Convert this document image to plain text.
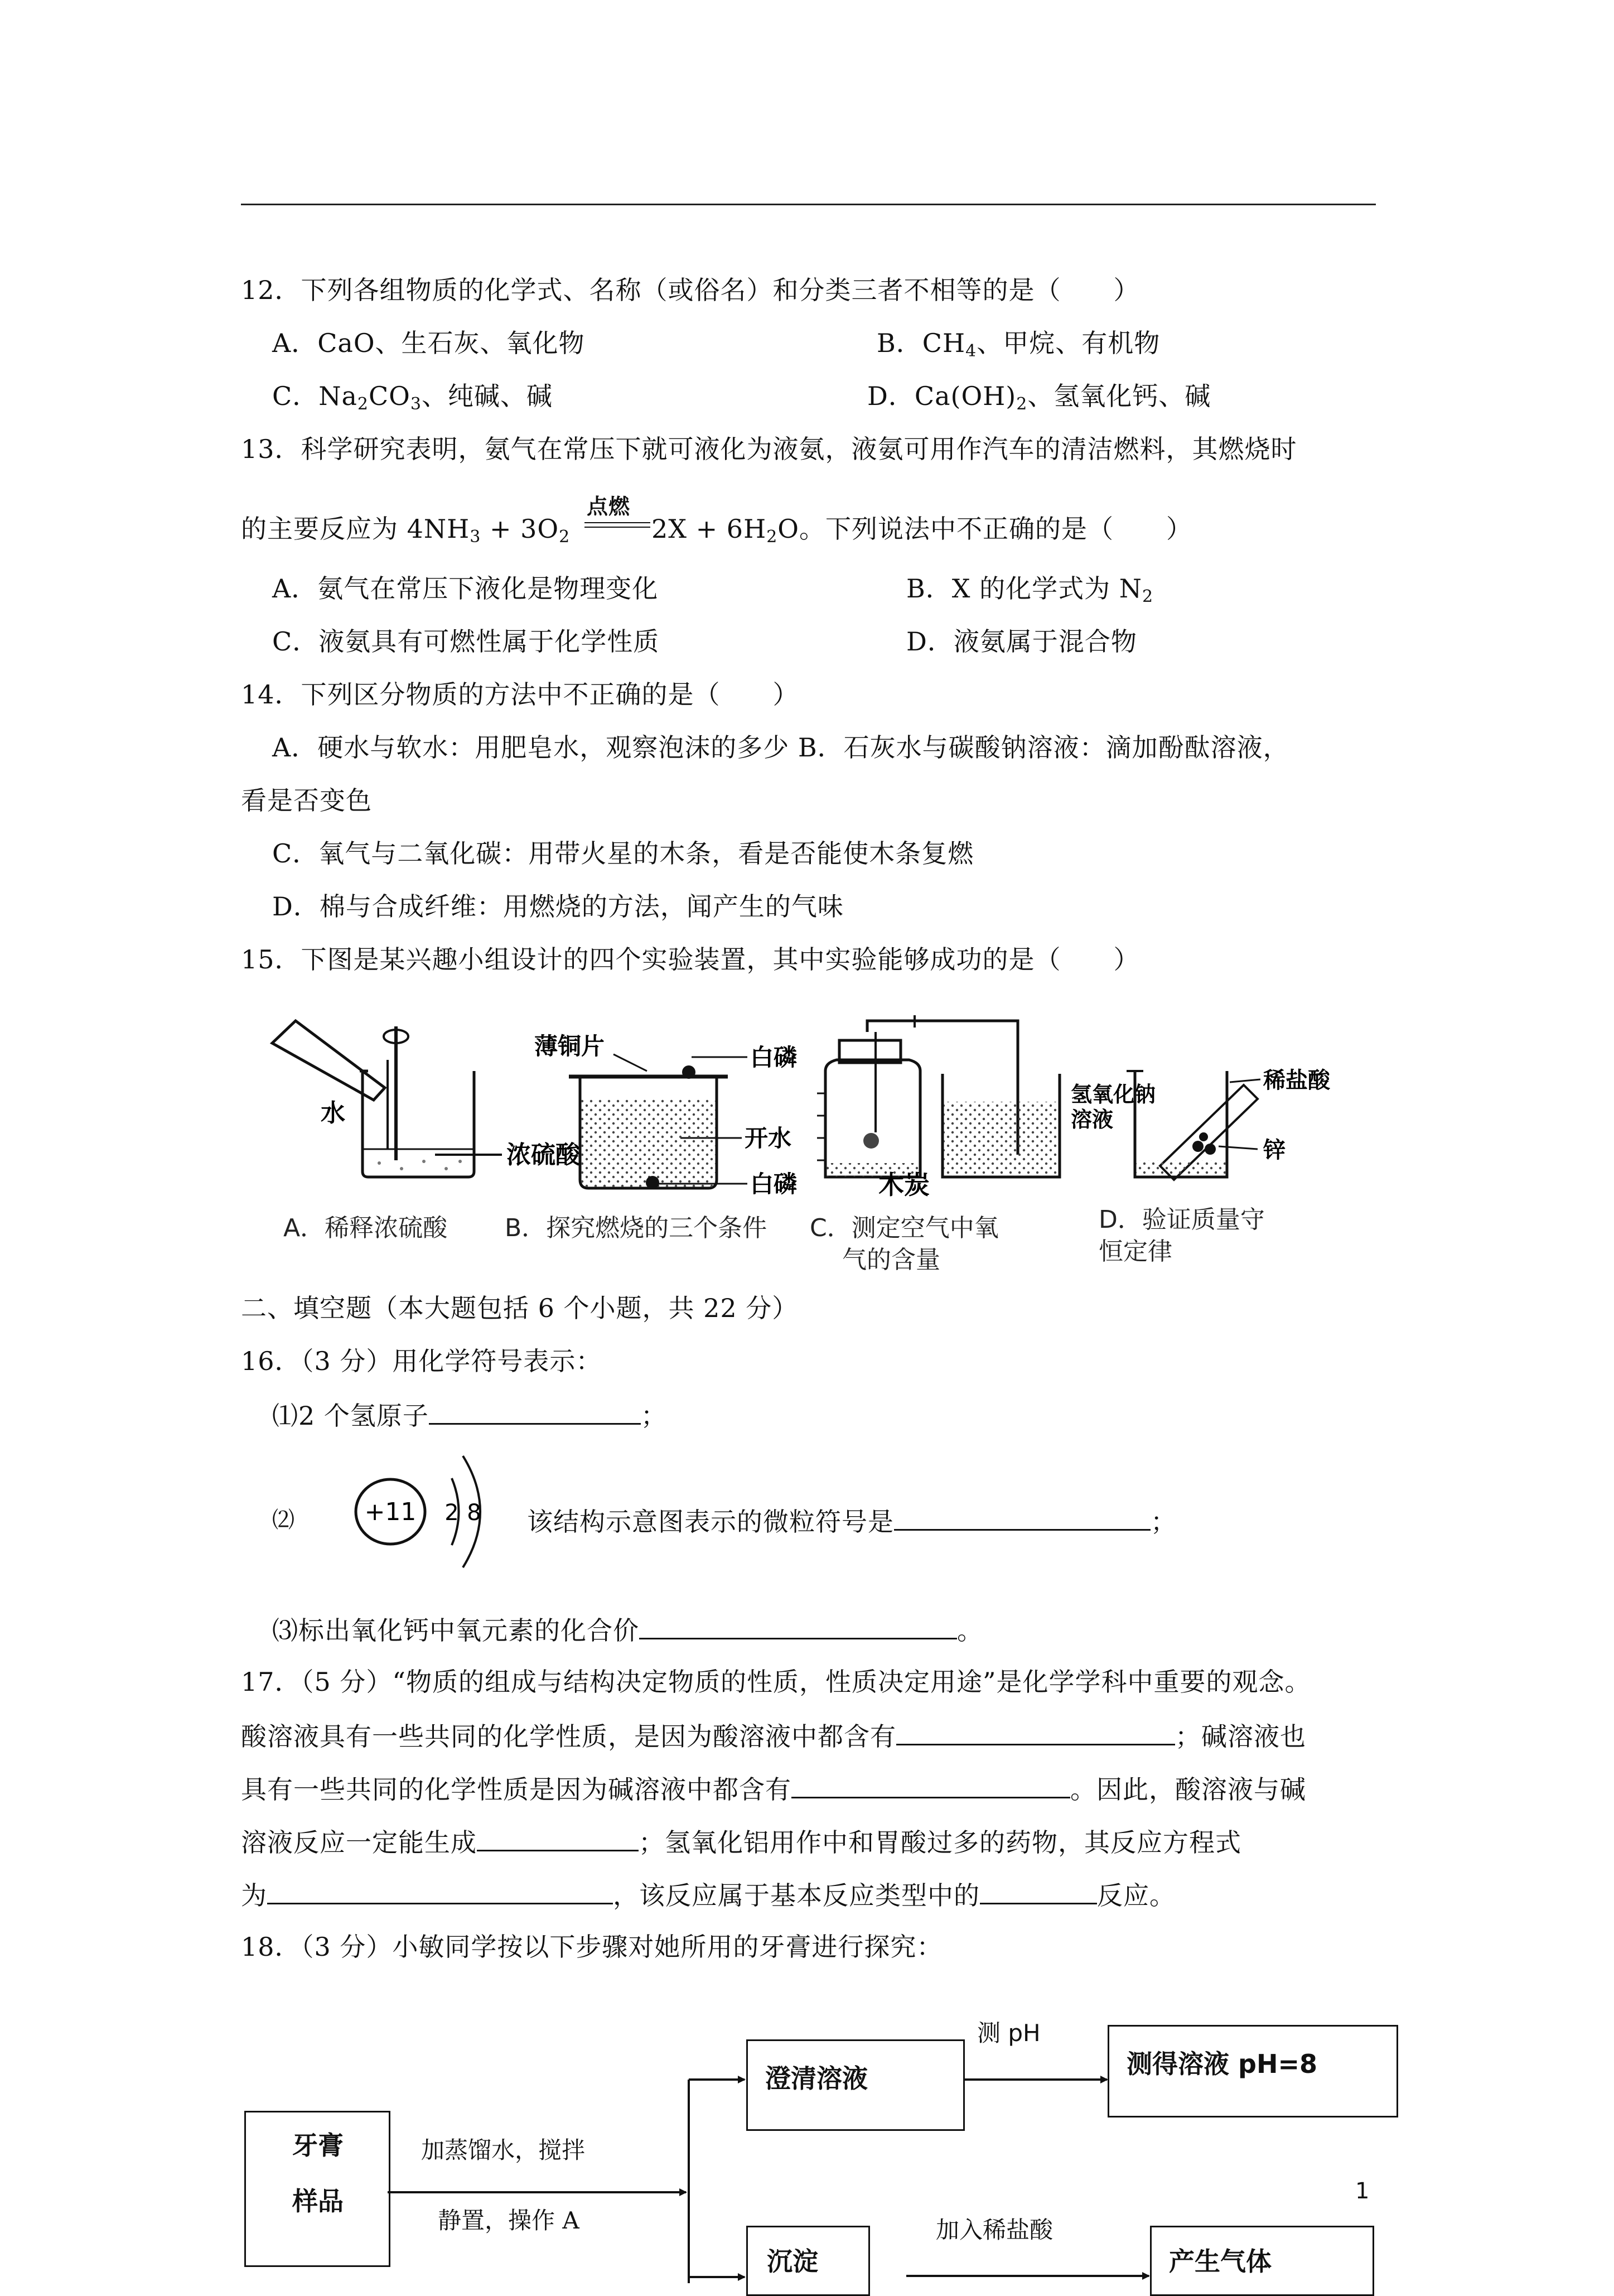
12．下列各组物质的化学式、名称（或俗名）和分类三者不相等的是（　　）
A．CaO、生石灰、氧化物	B．$CH_4$、甲烷、有机物
C．$Na_2CO_3$、纯碱、碱	D．$Ca(OH)_2$、氢氧化钙、碱
13．科学研究表明，氨气在常压下就可液化为液氨，液氨可用作汽车的清洁燃料，其燃烧时
点燃
的主要反应为 $4NH_3 + 3O_2$	$2X + 6H_2O$。下列说法中不正确的是（　　）
A．氨气在常压下液化是物理变化	B．X 的化学式为 $N_2$
C．液氨具有可燃性属于化学性质	D．液氨属于混合物
14．下列区分物质的方法中不正确的是（　　）
A．硬水与软水：用肥皂水，观察泡沫的多少 B．石灰水与碳酸钠溶液：滴加酚酞溶液，
看是否变色
C．氧气与二氧化碳：用带火星的木条，看是否能使木条复燃
D．棉与合成纤维：用燃烧的方法，闻产生的气味
15．下图是某兴趣小组设计的四个实验装置，其中实验能够成功的是（　　）
水
浓硫酸
薄铜片	白磷
开水
白磷
氢氧化钠
溶液
木炭
稀盐酸
锌
A．稀释浓硫酸 B．探究燃烧的三个条件 C．测定空气中氧
气的含量
D．验证质量守
恒定律
二、填空题（本大题包括 6 个小题，共 22 分）
16．（3 分）用化学符号表示：
⑴2 个氢原子	；
⑵	+11 2 8 该结构示意图表示的微粒符号是	；
⑶标出氧化钙中氧元素的化合价	。
17．（5 分）“物质的组成与结构决定物质的性质，性质决定用途”是化学学科中重要的观念。
酸溶液具有一些共同的化学性质，是因为酸溶液中都含有	；碱溶液也
具有一些共同的化学性质是因为碱溶液中都含有	。因此，酸溶液与碱
溶液反应一定能生成	；氢氧化铝用作中和胃酸过多的药物，其反应方程式
为	，该反应属于基本反应类型中的	反应。
18．（3 分）小敏同学按以下步骤对她所用的牙膏进行探究：
牙膏
样品
加蒸馏水，搅拌
静置，操作 A
澄清溶液
测 pH
测得溶液 pH=8
沉淀
加入稀盐酸
产生气体
1
